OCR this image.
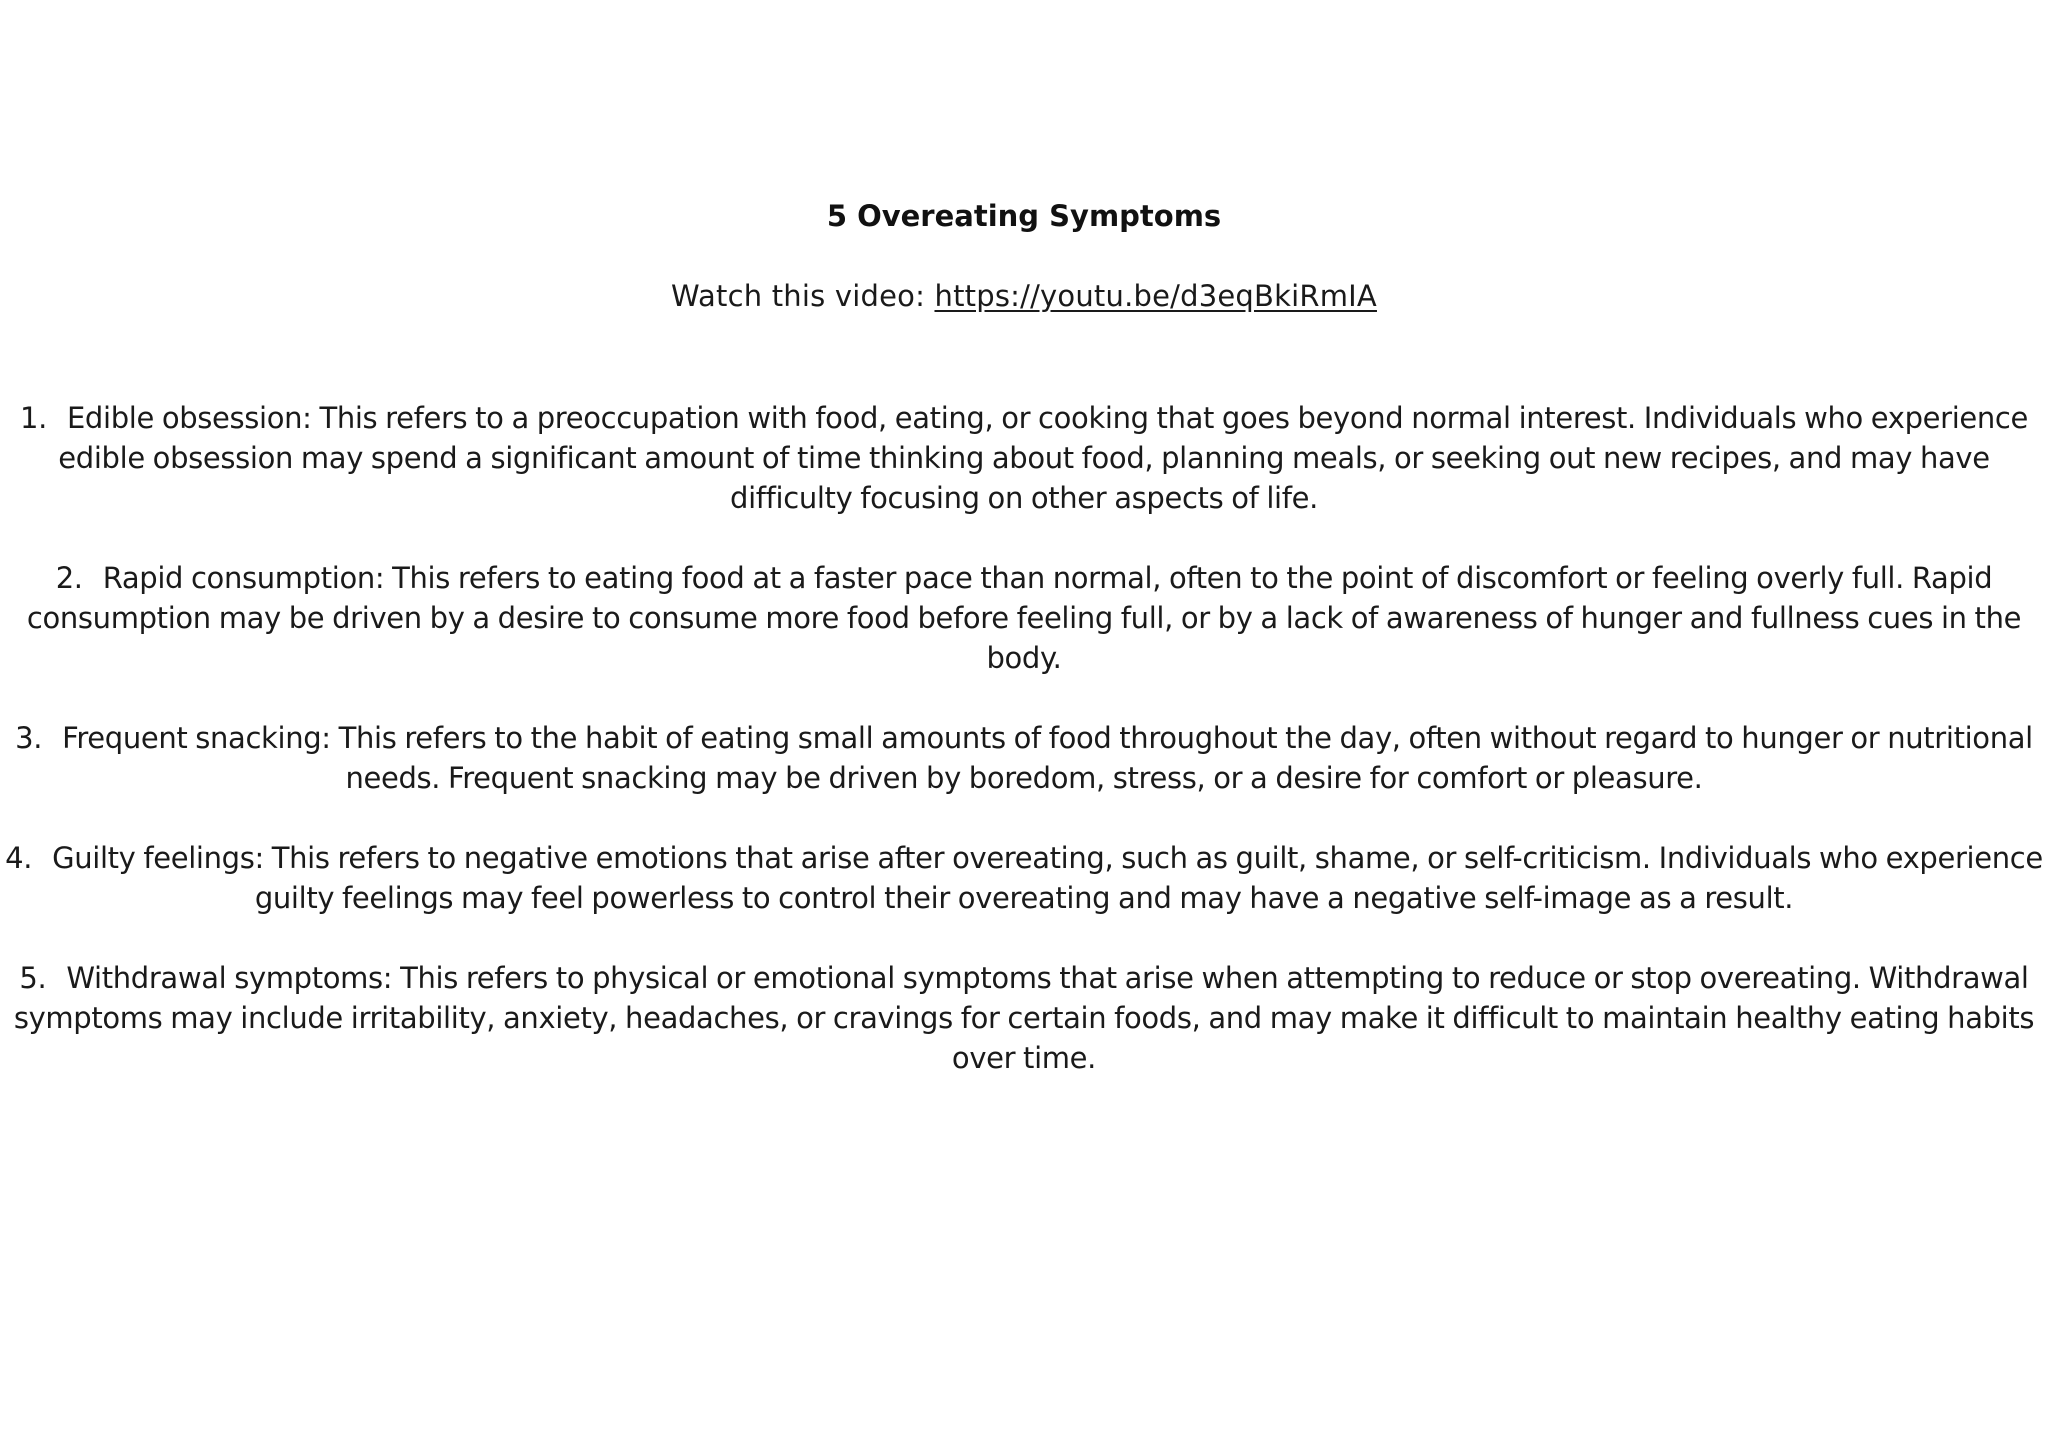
5 Overeating Symptoms

Watch this video: https://youtu.be/d3eqBkiRmIA

1. Edible obsession: This refers to a preoccupation with food, eating, or cooking that goes beyond normal interest. Individuals who experience edible obsession may spend a significant amount of time thinking about food, planning meals, or seeking out new recipes, and may have difficulty focusing on other aspects of life.
2. Rapid consumption: This refers to eating food at a faster pace than normal, often to the point of discomfort or feeling overly full. Rapid consumption may be driven by a desire to consume more food before feeling full, or by a lack of awareness of hunger and fullness cues in the body.
3. Frequent snacking: This refers to the habit of eating small amounts of food throughout the day, often without regard to hunger or nutritional needs. Frequent snacking may be driven by boredom, stress, or a desire for comfort or pleasure.
4. Guilty feelings: This refers to negative emotions that arise after overeating, such as guilt, shame, or self-criticism. Individuals who experience guilty feelings may feel powerless to control their overeating and may have a negative self-image as a result.
5. Withdrawal symptoms: This refers to physical or emotional symptoms that arise when attempting to reduce or stop overeating. Withdrawal symptoms may include irritability, anxiety, headaches, or cravings for certain foods, and may make it difficult to maintain healthy eating habits over time.
